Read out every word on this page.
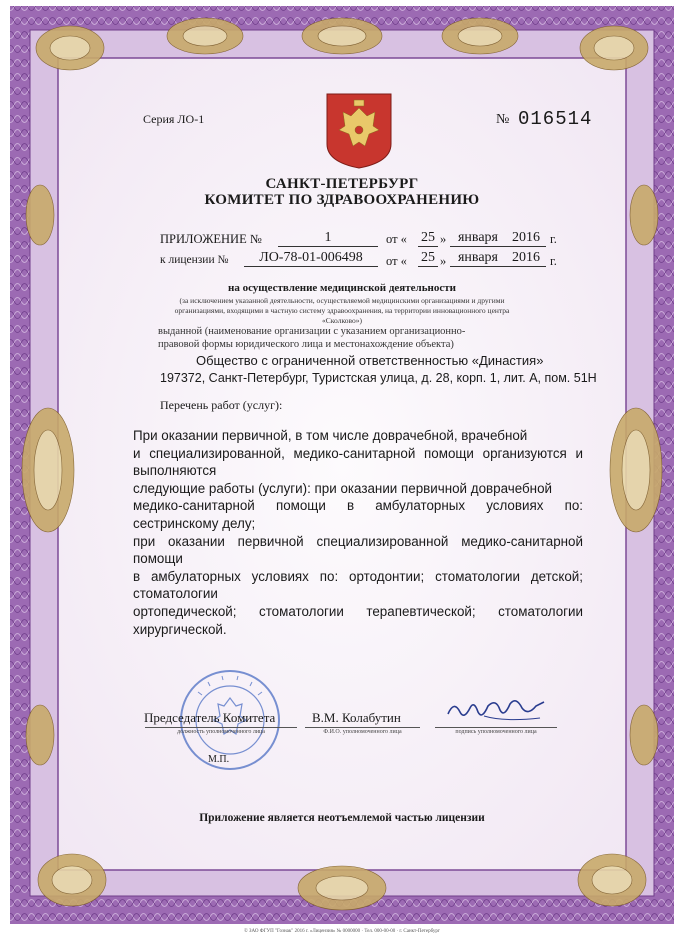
Серия ЛО-1	№ 016514
САНКТ-ПЕТЕРБУРГ
КОМИТЕТ ПО ЗДРАВООХРАНЕНИЮ
ПРИЛОЖЕНИЕ №	1	от « 25 » января	2016 г.
к лицензии №	ЛО-78-01-006498	от « 25 » января	2016 г.
на осуществление медицинской деятельности
(за исключением указанной деятельности, осуществляемой медицинскими организациями и другими
организациями, входящими в частную систему здравоохранения, на территории инновационного центра
«Сколково»)
выданной (наименование организации с указанием организационно-
правовой формы юридического лица и местонахождение объекта)
Общество с ограниченной ответственностью «Династия»
197372, Санкт-Петербург, Туристская улица, д. 28, корп. 1, лит. А, пом. 51Н
Перечень работ (услуг):
При оказании первичной, в том числе доврачебной, врачебной
и специализированной, медико-санитарной помощи организуются и выполняются
следующие работы (услуги): при оказании первичной доврачебной
медико-санитарной помощи в амбулаторных условиях по: сестринскому делу;
при оказании первичной специализированной медико-санитарной помощи
в амбулаторных условиях по: ортодонтии; стоматологии детской; стоматологии
ортопедической; стоматологии терапевтической; стоматологии хирургической.
Председатель Комитета	В.М. Колабутин
М.П.
должность уполномоченного лица	Ф.И.О. уполномоченного лица	подпись уполномоченного лица
Приложение является неотъемлемой частью лицензии
© ЗАО ФГУП "Гознак" 2016 г. «Лицензия» № 0000000 · Тел. 000-00-00 · г. Санкт-Петербург
